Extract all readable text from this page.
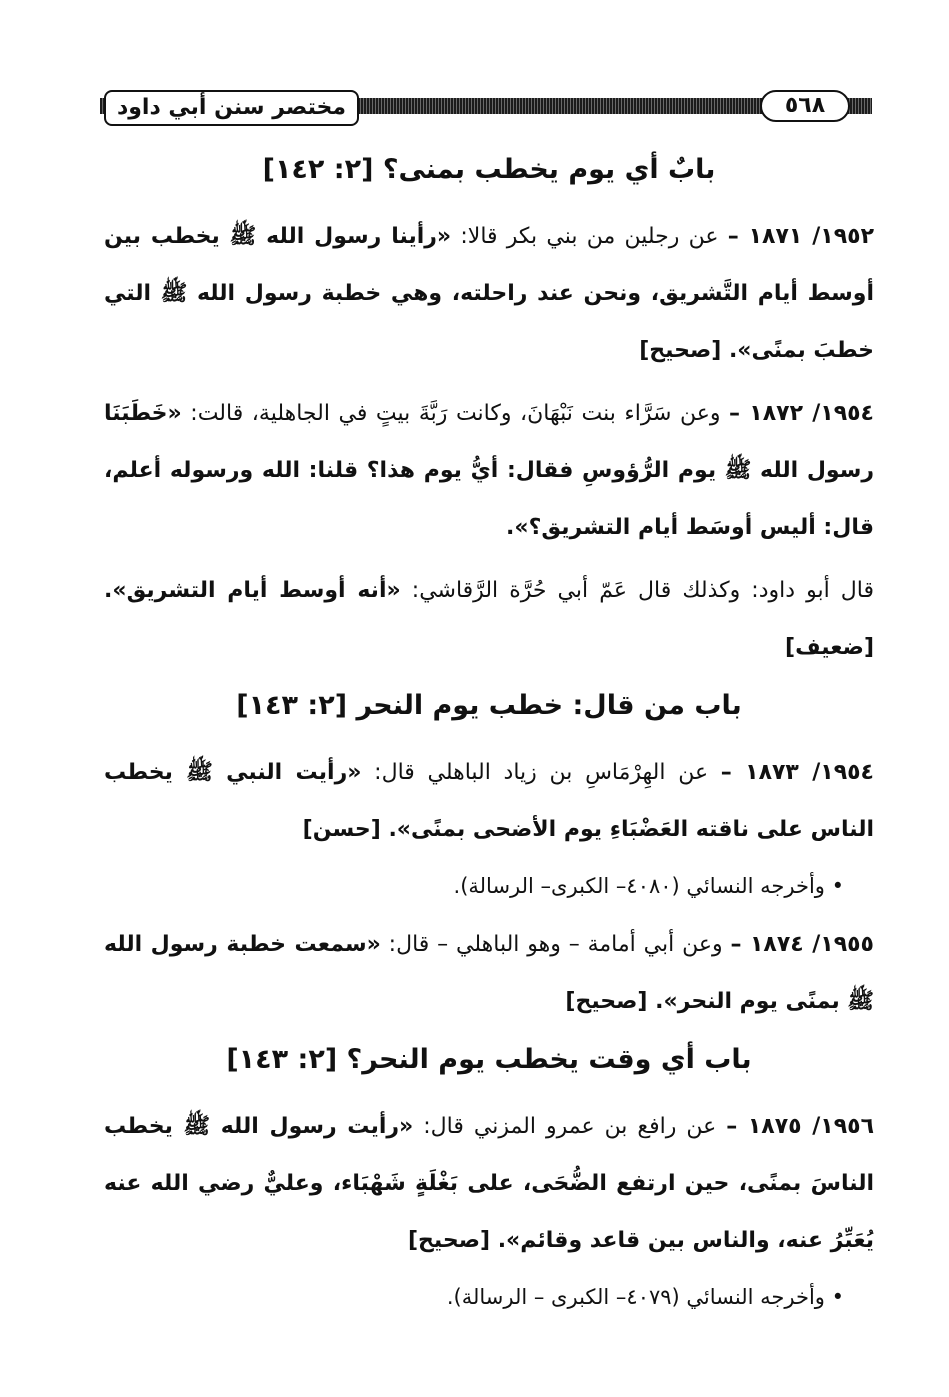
مختصر سنن أبي داود	٥٦٨
بابٌ أي يوم يخطب بمنى؟ [٢: ١٤٢]

١٩٥٢/ ١٨٧١ – عن رجلين من بني بكر قالا: «رأينا رسول الله ﷺ يخطب بين أوسط أيام التَّشريق، ونحن عند راحلته، وهي خطبة رسول الله ﷺ التي خطبَ بمنًى». [صحيح]

١٩٥٤/ ١٨٧٢ – وعن سَرَّاء بنت نَبْهَانَ، وكانت رَبَّةَ بيتٍ في الجاهلية، قالت: «خَطَبَنَا رسول الله ﷺ يوم الرُّؤوسِ فقال: أيُّ يوم هذا؟ قلنا: الله ورسوله أعلم، قال: أليس أوسَط أيام التشريق؟».

قال أبو داود: وكذلك قال عَمّ أبي حُرَّة الرَّقاشي: «أنه أوسط أيام التشريق». [ضعيف]

باب من قال: خطب يوم النحر [٢: ١٤٣]

١٩٥٤/ ١٨٧٣ – عن الهِرْمَاسِ بن زياد الباهلي قال: «رأيت النبي ﷺ يخطب الناس على ناقته العَضْبَاءِ يوم الأضحى بمنًى». [حسن]

• وأخرجه النسائي (٤٠٨٠– الكبرى– الرسالة).

١٩٥٥/ ١٨٧٤ – وعن أبي أمامة – وهو الباهلي – قال: «سمعت خطبة رسول الله ﷺ بمنًى يوم النحر». [صحيح]

باب أي وقت يخطب يوم النحر؟ [٢: ١٤٣]

١٩٥٦/ ١٨٧٥ – عن رافع بن عمرو المزني قال: «رأيت رسول الله ﷺ يخطب الناسَ بمنًى، حين ارتفع الضُّحَى، على بَغْلَةٍ شَهْبَاء، وعليٌّ رضي الله عنه يُعَبِّرُ عنه، والناس بين قاعد وقائم». [صحيح]

• وأخرجه النسائي (٤٠٧٩– الكبرى – الرسالة).
